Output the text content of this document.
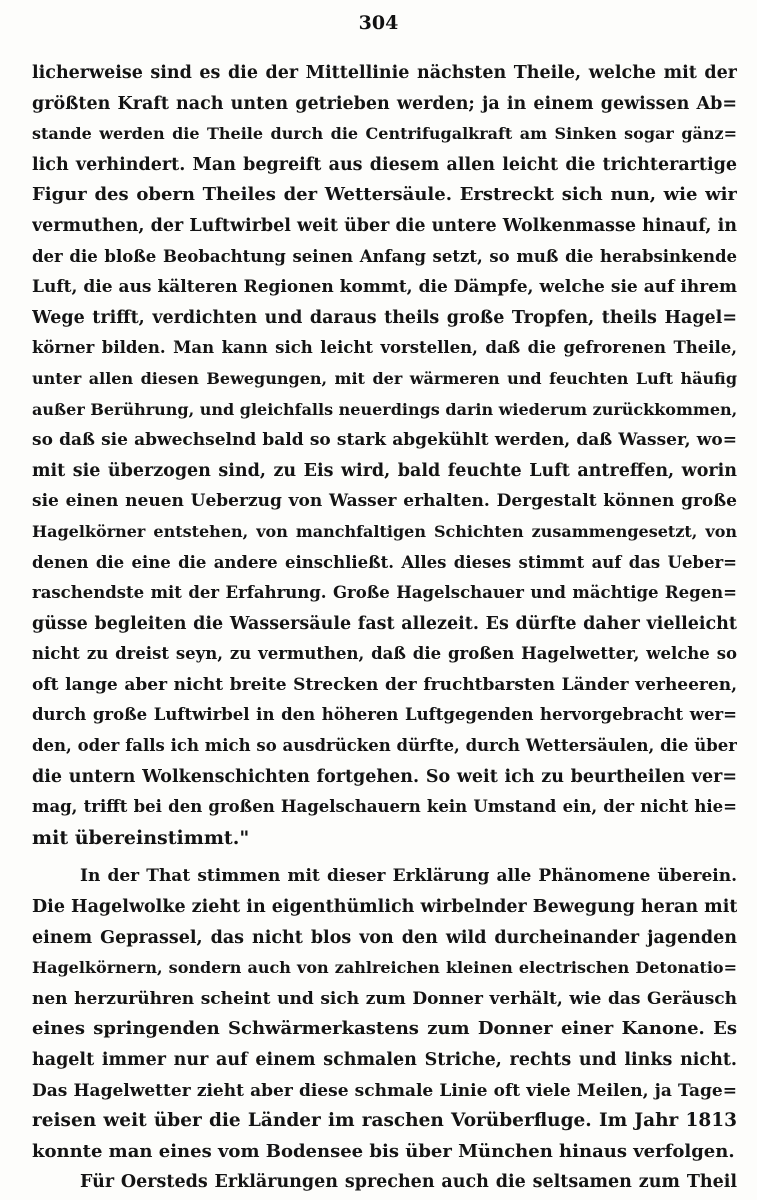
304
licherweise sind es die der Mittellinie nächsten Theile, welche mit der
größten Kraft nach unten getrieben werden; ja in einem gewissen Ab=
stande werden die Theile durch die Centrifugalkraft am Sinken sogar gänz=
lich verhindert. Man begreift aus diesem allen leicht die trichterartige
Figur des obern Theiles der Wettersäule. Erstreckt sich nun, wie wir
vermuthen, der Luftwirbel weit über die untere Wolkenmasse hinauf, in
der die bloße Beobachtung seinen Anfang setzt, so muß die herabsinkende
Luft, die aus kälteren Regionen kommt, die Dämpfe, welche sie auf ihrem
Wege trifft, verdichten und daraus theils große Tropfen, theils Hagel=
körner bilden. Man kann sich leicht vorstellen, daß die gefrorenen Theile,
unter allen diesen Bewegungen, mit der wärmeren und feuchten Luft häufig
außer Berührung, und gleichfalls neuerdings darin wiederum zurückkommen,
so daß sie abwechselnd bald so stark abgekühlt werden, daß Wasser, wo=
mit sie überzogen sind, zu Eis wird, bald feuchte Luft antreffen, worin
sie einen neuen Ueberzug von Wasser erhalten. Dergestalt können große
Hagelkörner entstehen, von manchfaltigen Schichten zusammengesetzt, von
denen die eine die andere einschließt. Alles dieses stimmt auf das Ueber=
raschendste mit der Erfahrung. Große Hagelschauer und mächtige Regen=
güsse begleiten die Wassersäule fast allezeit. Es dürfte daher vielleicht
nicht zu dreist seyn, zu vermuthen, daß die großen Hagelwetter, welche so
oft lange aber nicht breite Strecken der fruchtbarsten Länder verheeren,
durch große Luftwirbel in den höheren Luftgegenden hervorgebracht wer=
den, oder falls ich mich so ausdrücken dürfte, durch Wettersäulen, die über
die untern Wolkenschichten fortgehen. So weit ich zu beurtheilen ver=
mag, trifft bei den großen Hagelschauern kein Umstand ein, der nicht hie=
mit übereinstimmt."
In der That stimmen mit dieser Erklärung alle Phänomene überein.
Die Hagelwolke zieht in eigenthümlich wirbelnder Bewegung heran mit
einem Geprassel, das nicht blos von den wild durcheinander jagenden
Hagelkörnern, sondern auch von zahlreichen kleinen electrischen Detonatio=
nen herzurühren scheint und sich zum Donner verhält, wie das Geräusch
eines springenden Schwärmerkastens zum Donner einer Kanone. Es
hagelt immer nur auf einem schmalen Striche, rechts und links nicht.
Das Hagelwetter zieht aber diese schmale Linie oft viele Meilen, ja Tage=
reisen weit über die Länder im raschen Vorüberfluge. Im Jahr 1813
konnte man eines vom Bodensee bis über München hinaus verfolgen.
Für Oersteds Erklärungen sprechen auch die seltsamen zum Theil
